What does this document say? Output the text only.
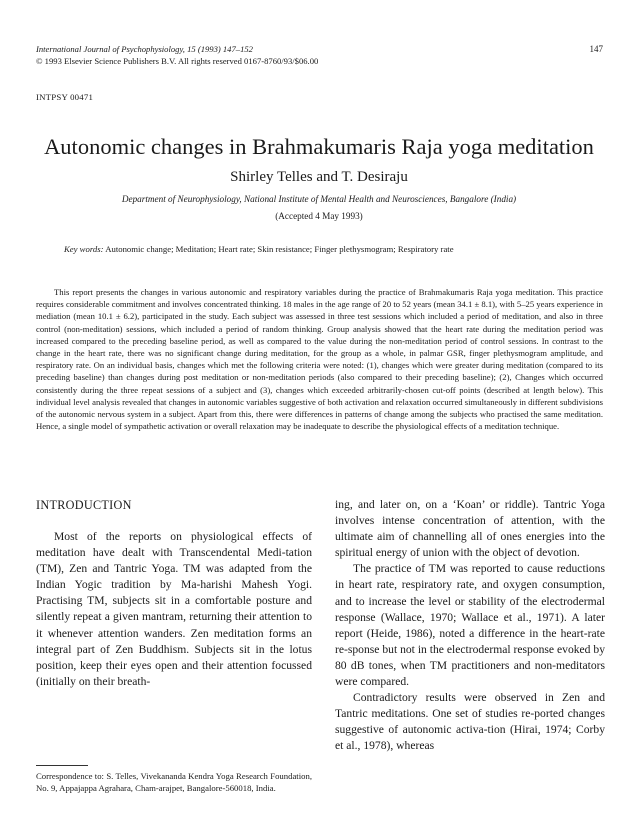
International Journal of Psychophysiology, 15 (1993) 147–152
© 1993 Elsevier Science Publishers B.V. All rights reserved 0167-8760/93/$06.00
147
INTPSY 00471
Autonomic changes in Brahmakumaris Raja yoga meditation
Shirley Telles and T. Desiraju
Department of Neurophysiology, National Institute of Mental Health and Neurosciences, Bangalore (India)
(Accepted 4 May 1993)
Key words: Autonomic change; Meditation; Heart rate; Skin resistance; Finger plethysmogram; Respiratory rate

This report presents the changes in various autonomic and respiratory variables during the practice of Brahmakumaris Raja yoga meditation. This practice requires considerable commitment and involves concentrated thinking. 18 males in the age range of 20 to 52 years (mean 34.1 ± 8.1), with 5–25 years experience in mediation (mean 10.1 ± 6.2), participated in the study. Each subject was assessed in three test sessions which included a period of meditation, and also in three control (non-meditation) sessions, which included a period of random thinking. Group analysis showed that the heart rate during the meditation period was increased compared to the preceding baseline period, as well as compared to the value during the non-meditation period of control sessions. In contrast to the change in the heart rate, there was no significant change during meditation, for the group as a whole, in palmar GSR, finger plethysmogram amplitude, and respiratory rate. On an individual basis, changes which met the following criteria were noted: (1), changes which were greater during meditation (compared to its preceding baseline) than changes during post meditation or non-meditation periods (also compared to their preceding baseline); (2), Changes which occurred consistently during the three repeat sessions of a subject and (3), changes which exceeded arbitrarily-chosen cut-off points (described at length below). This individual level analysis revealed that changes in autonomic variables suggestive of both activation and relaxation occurred simultaneously in different subdivisions of the autonomic nervous system in a subject. Apart from this, there were differences in patterns of change among the subjects who practised the same meditation. Hence, a single model of sympathetic activation or overall relaxation may be inadequate to describe the physiological effects of a meditation technique.

INTRODUCTION

Most of the reports on physiological effects of meditation have dealt with Transcendental Medi-tation (TM), Zen and Tantric Yoga. TM was adapted from the Indian Yogic tradition by Ma-harishi Mahesh Yogi. Practising TM, subjects sit in a comfortable posture and silently repeat a given mantram, returning their attention to it whenever attention wanders. Zen meditation forms an integral part of Zen Buddhism. Subjects sit in the lotus position, keep their eyes open and their attention focussed (initially on their breath-

ing, and later on, on a ‘Koan’ or riddle). Tantric Yoga involves intense concentration of attention, with the ultimate aim of channelling all of ones energies into the spiritual energy of union with the object of devotion.

The practice of TM was reported to cause reductions in heart rate, respiratory rate, and oxygen consumption, and to increase the level or stability of the electrodermal response (Wallace, 1970; Wallace et al., 1971). A later report (Heide, 1986), noted a difference in the heart-rate re-sponse but not in the electrodermal response evoked by 80 dB tones, when TM practitioners and non-meditators were compared.

Contradictory results were observed in Zen and Tantric meditations. One set of studies re-ported changes suggestive of autonomic activa-tion (Hirai, 1974; Corby et al., 1978), whereas

Correspondence to: S. Telles, Vivekananda Kendra Yoga Research Foundation, No. 9, Appajappa Agrahara, Cham-arajpet, Bangalore-560018, India.
